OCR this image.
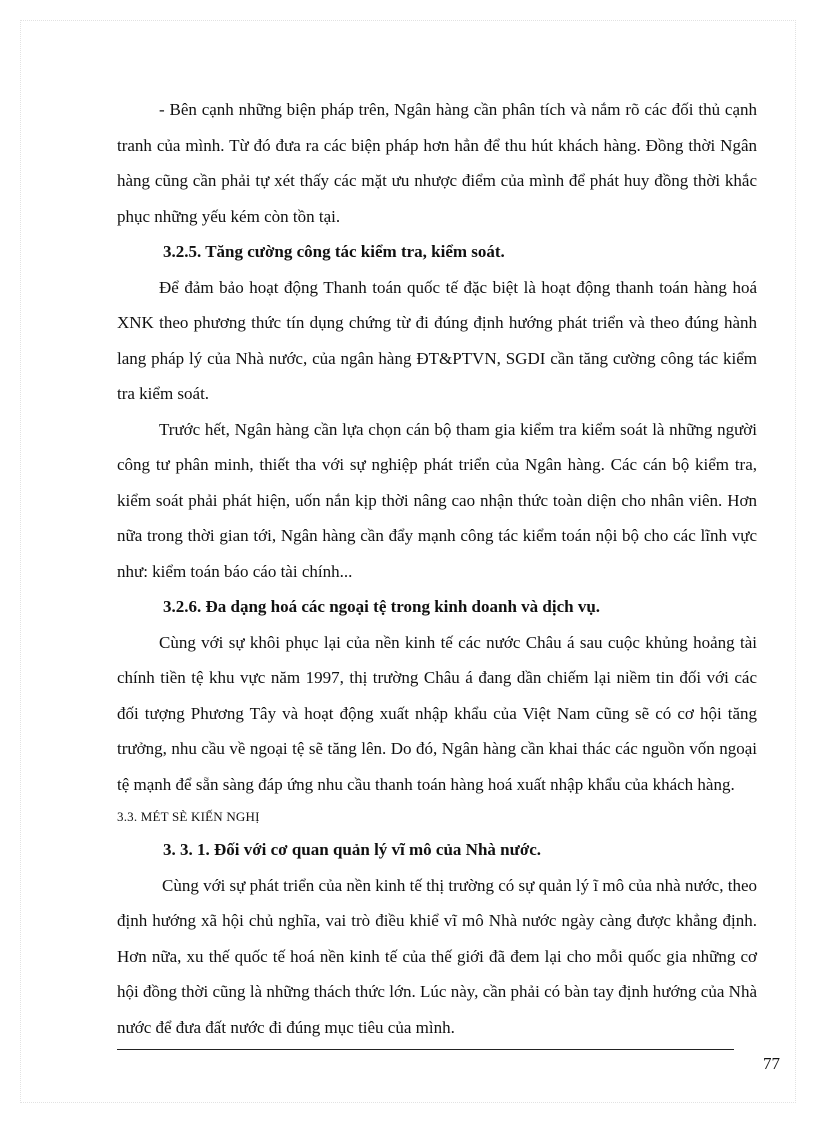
- Bên cạnh những biện pháp trên, Ngân hàng cần phân tích và nắm rõ các đối thủ cạnh tranh của mình. Từ đó đưa ra các biện pháp hơn hẳn để thu hút khách hàng. Đồng thời Ngân hàng cũng cần phải tự xét thấy các mặt ưu nhược điểm của mình để phát huy đồng thời khắc phục những yếu kém còn tồn tại.

3.2.5. Tăng cường công tác kiểm tra, kiểm soát.

Để đảm bảo hoạt động Thanh toán quốc tế đặc biệt là hoạt động thanh toán hàng hoá XNK theo phương thức tín dụng chứng từ đi đúng định hướng phát triển và theo đúng hành lang pháp lý của Nhà nước, của ngân hàng ĐT&PTVN, SGDI cần tăng cường công tác kiểm tra kiểm soát.

Trước hết, Ngân hàng cần lựa chọn cán bộ tham gia kiểm tra kiểm soát là những người công tư phân minh, thiết tha với sự nghiệp phát triển của Ngân hàng. Các cán bộ kiểm tra, kiểm soát phải phát hiện, uốn nắn kịp thời nâng cao nhận thức toàn diện cho nhân viên. Hơn nữa trong thời gian tới, Ngân hàng cần đẩy mạnh công tác kiểm toán nội bộ cho các lĩnh vực như: kiểm toán báo cáo tài chính...

3.2.6. Đa dạng hoá các ngoại tệ trong kinh doanh và dịch vụ.

Cùng với sự khôi phục lại của nền kinh tế các nước Châu á sau cuộc khủng hoảng tài chính tiền tệ khu vực năm 1997, thị trường Châu á đang dần chiếm lại niềm tin đối với các đối tượng Phương Tây và hoạt động xuất nhập khẩu của Việt Nam cũng sẽ có cơ hội tăng trưởng, nhu cầu về ngoại tệ sẽ tăng lên. Do đó, Ngân hàng cần khai thác các nguồn vốn ngoại tệ mạnh để sẵn sàng đáp ứng nhu cầu thanh toán hàng hoá xuất nhập khẩu của khách hàng.

3.3. MÉT SÈ KIẾN NGHỊ

3. 3. 1. Đối với cơ quan quản lý vĩ mô của Nhà nước.

Cùng với sự phát triển của nền kinh tế thị trường có sự quản lý ĩ mô của nhà nước, theo định hướng xã hội chủ nghĩa, vai trò điều khiể vĩ mô Nhà nước ngày càng được khẳng định. Hơn nữa, xu thế quốc tế hoá nền kinh tế của thế giới đã đem lại cho mỗi quốc gia những cơ hội đồng thời cũng là những thách thức lớn. Lúc này, cần phải có bàn tay định hướng của Nhà nước để đưa đất nước đi đúng mục tiêu của mình.

77
